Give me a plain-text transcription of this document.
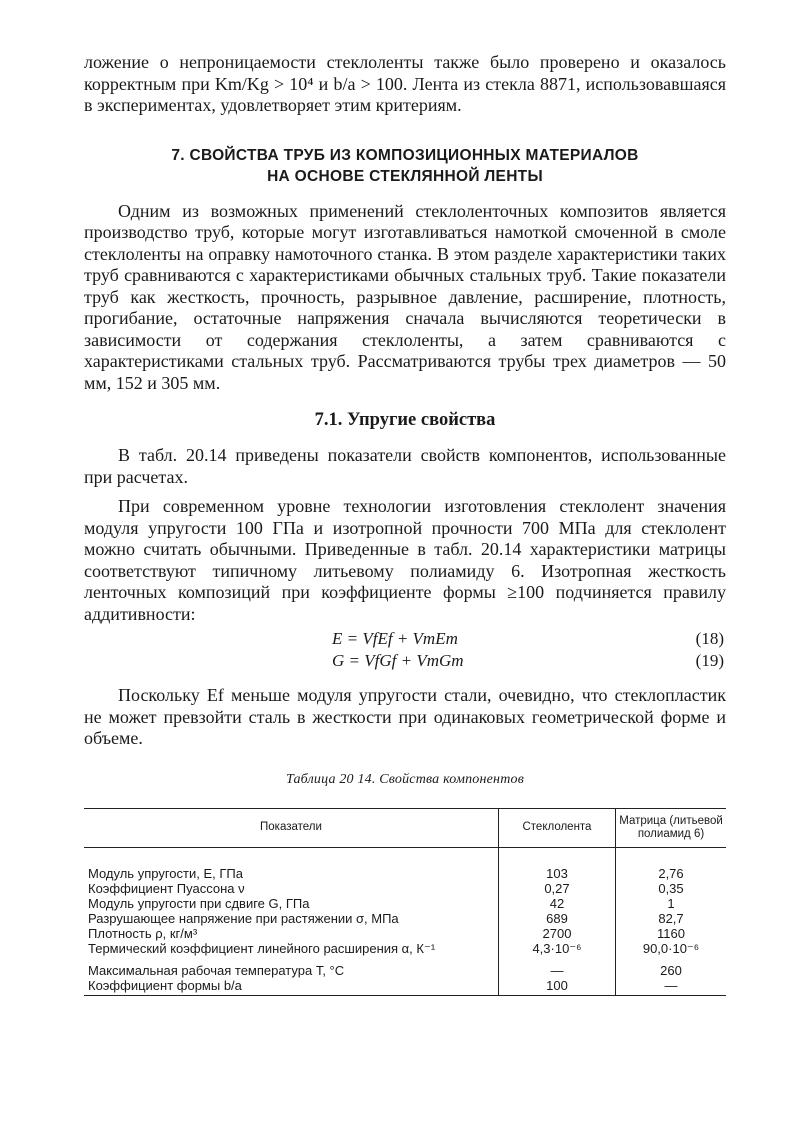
ложение о непроницаемости стеклоленты также было проверено и оказалось корректным при Km/Kg > 10⁴ и b/a > 100. Лента из стекла 8871, использовавшаяся в экспериментах, удовлетворяет этим критериям.

7. СВОЙСТВА ТРУБ ИЗ КОМПОЗИЦИОННЫХ МАТЕРИАЛОВ
НА ОСНОВЕ СТЕКЛЯННОЙ ЛЕНТЫ

Одним из возможных применений стеклоленточных композитов является производство труб, которые могут изготавливаться намоткой смоченной в смоле стеклоленты на оправку намоточного станка. В этом разделе характеристики таких труб сравниваются с характеристиками обычных стальных труб. Такие показатели труб как жесткость, прочность, разрывное давление, расширение, плотность, прогибание, остаточные напряжения сначала вычисляются теоретически в зависимости от содержания стеклоленты, а затем сравниваются с характеристиками стальных труб. Рассматриваются трубы трех диаметров — 50 мм, 152 и 305 мм.

7.1. Упругие свойства

В табл. 20.14 приведены показатели свойств компонентов, использованные при расчетах.

При современном уровне технологии изготовления стеклолент значения модуля упругости 100 ГПа и изотропной прочности 700 МПа для стеклолент можно считать обычными. Приведенные в табл. 20.14 характеристики матрицы соответствуют типичному литьевому полиамиду 6. Изотропная жесткость ленточных композиций при коэффициенте формы ≥100 подчиняется правилу аддитивности:

E = VfEf + VmEm	(18)
G = VfGf + VmGm	(19)

Поскольку Ef меньше модуля упругости стали, очевидно, что стеклопластик не может превзойти сталь в жесткости при одинаковых геометрической форме и объеме.

Таблица 20 14. Свойства компонентов
Показатели	Стеклолента	Матрица (литьевой полиамид 6)
Модуль упругости, E, ГПа	103	2,76
Коэффициент Пуассона ν	0,27	0,35
Модуль упругости при сдвиге G, ГПа	42	1
Разрушающее напряжение при растяжении σ, МПа	689	82,7
Плотность ρ, кг/м³	2700	1160
Термический коэффициент линейного расширения α, К⁻¹	4,3·10⁻⁶	90,0·10⁻⁶
Максимальная рабочая температура T, °C	—	260
Коэффициент формы b/a	100	—
